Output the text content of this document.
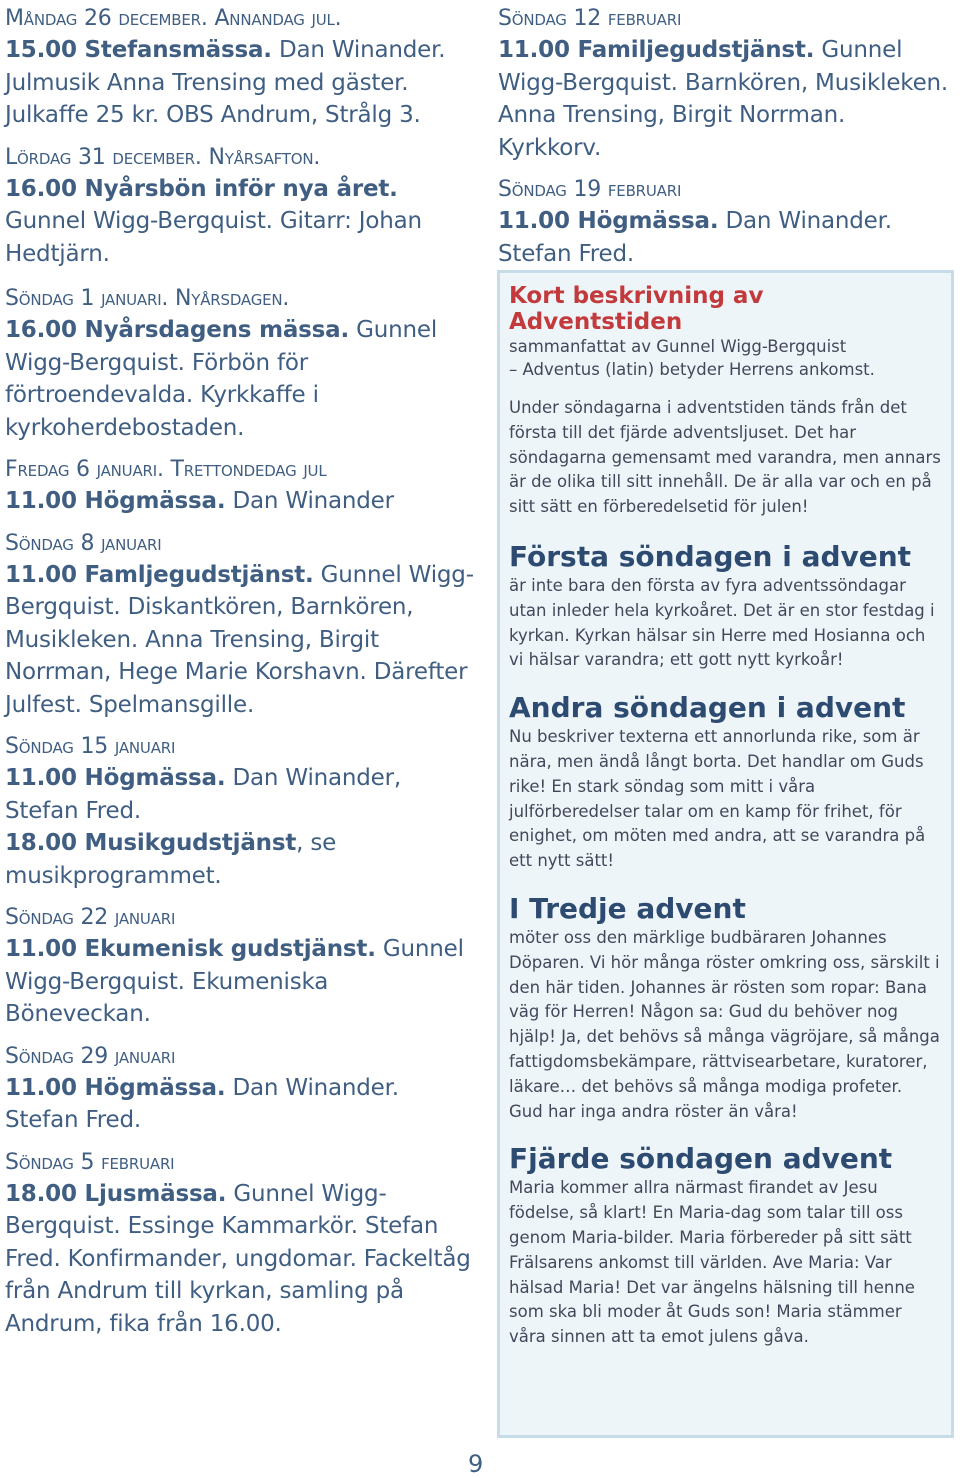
Måndag 26 december. Annandag jul.
15.00 Stefansmässa. Dan Winander. Julmusik Anna Trensing med gäster. Julkaffe 25 kr. OBS Andrum, Strålg 3.
Lördag 31 december. Nyårsafton.
16.00 Nyårsbön inför nya året. Gunnel Wigg-Bergquist. Gitarr: Johan Hedtjärn.
Söndag 1 januari. Nyårsdagen.
16.00 Nyårsdagens mässa. Gunnel Wigg-Bergquist. Förbön för förtroendevalda. Kyrkkaffe i kyrkoherdebostaden.
Fredag 6 januari. Trettondedag jul
11.00 Högmässa. Dan Winander
Söndag 8 januari
11.00 Famljegudstjänst. Gunnel Wigg-Bergquist. Diskantkören, Barnkören, Musikleken. Anna Trensing, Birgit Norrman, Hege Marie Korshavn. Därefter Julfest. Spelmansgille.
Söndag 15 januari
11.00 Högmässa. Dan Winander, Stefan Fred.
18.00 Musikgudstjänst, se musikprogrammet.
Söndag 22 januari
11.00 Ekumenisk gudstjänst. Gunnel Wigg-Bergquist. Ekumeniska Böneveckan.
Söndag 29 januari
11.00 Högmässa. Dan Winander. Stefan Fred.
Söndag 5 februari
18.00 Ljusmässa. Gunnel Wigg-Bergquist. Essinge Kammarkör. Stefan Fred. Konfirmander, ungdomar. Fackeltåg från Andrum till kyrkan, samling på Andrum, fika från 16.00.
Söndag 12 februari
11.00 Familjegudstjänst. Gunnel Wigg-Bergquist. Barnkören, Musikleken. Anna Trensing, Birgit Norrman. Kyrkkorv.
Söndag 19 februari
11.00 Högmässa. Dan Winander. Stefan Fred.
Kort beskrivning av Adventstiden
sammanfattat av Gunnel Wigg-Bergquist
– Adventus (latin) betyder Herrens ankomst.
Under söndagarna i adventstiden tänds från det första till det fjärde adventsljuset. Det har söndagarna gemensamt med varandra, men annars är de olika till sitt innehåll. De är alla var och en på sitt sätt en förberedelsetid för julen!
Första söndagen i advent
är inte bara den första av fyra adventssöndagar utan inleder hela kyrkoåret. Det är en stor festdag i kyrkan. Kyrkan hälsar sin Herre med Hosianna och vi hälsar varandra; ett gott nytt kyrkoår!
Andra söndagen i advent
Nu beskriver texterna ett annorlunda rike, som är nära, men ändå långt borta. Det handlar om Guds rike! En stark söndag som mitt i våra julförberedelser talar om en kamp för frihet, för enighet, om möten med andra, att se varandra på ett nytt sätt!
I Tredje advent
möter oss den märklige budbäraren Johannes Döparen. Vi hör många röster omkring oss, särskilt i den här tiden. Johannes är rösten som ropar: Bana väg för Herren! Någon sa: Gud du behöver nog hjälp! Ja, det behövs så många vägröjare, så många fattigdomsbekämpare, rättvisearbetare, kuratorer, läkare… det behövs så många modiga profeter. Gud har inga andra röster än våra!
Fjärde söndagen advent
Maria kommer allra närmast firandet av Jesu födelse, så klart! En Maria-dag som talar till oss genom Maria-bilder. Maria förbereder på sitt sätt Frälsarens ankomst till världen. Ave Maria: Var hälsad Maria! Det var ängelns hälsning till henne som ska bli moder åt Guds son! Maria stämmer våra sinnen att ta emot julens gåva.
9
